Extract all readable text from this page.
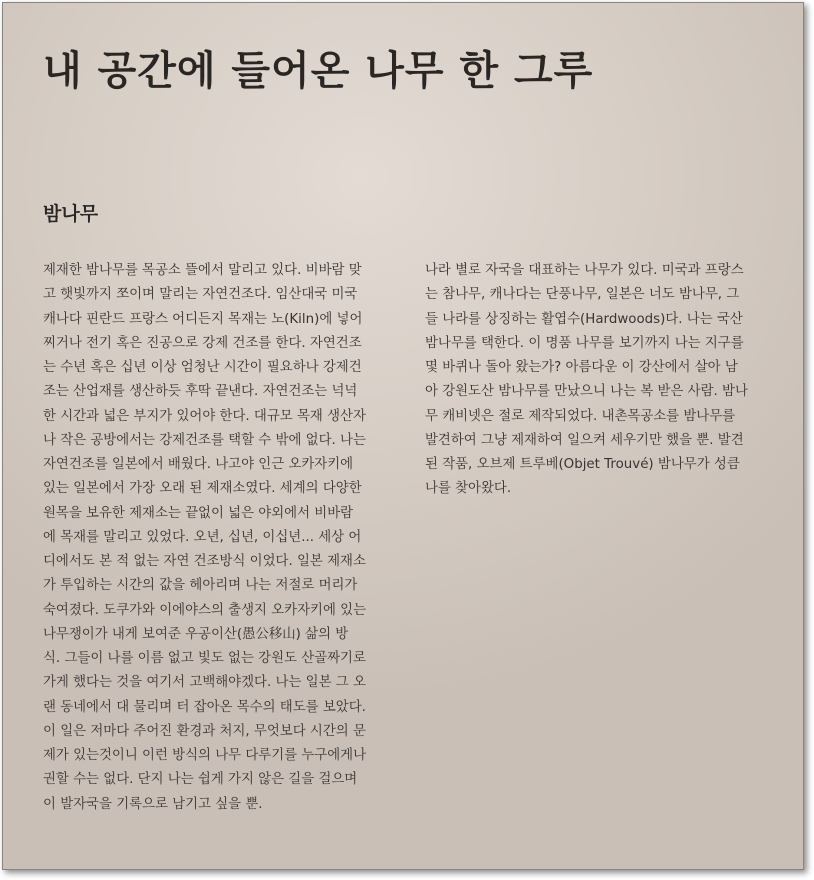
내 공간에 들어온 나무 한 그루
밤나무
제재한 밤나무를 목공소 뜰에서 말리고 있다. 비바람 맞
고 햇빛까지 쪼이며 말리는 자연건조다. 임산대국 미국
캐나다 핀란드 프랑스 어디든지 목재는 노(Kiln)에 넣어
찌거나 전기 혹은 진공으로 강제 건조를 한다. 자연건조
는 수년 혹은 십년 이상 엄청난 시간이 필요하나 강제건
조는 산업재를 생산하듯 후딱 끝낸다. 자연건조는 넉넉
한 시간과 넓은 부지가 있어야 한다. 대규모 목재 생산자
나 작은 공방에서는 강제건조를 택할 수 밖에 없다. 나는
자연건조를 일본에서 배웠다. 나고야 인근 오카자키에
있는 일본에서 가장 오래 된 제재소였다. 세계의 다양한
원목을 보유한 제재소는 끝없이 넓은 야외에서 비바람
에 목재를 말리고 있었다. 오년, 십년, 이십년... 세상 어
디에서도 본 적 없는 자연 건조방식 이었다. 일본 제재소
가 투입하는 시간의 값을 헤아리며 나는 저절로 머리가
숙여졌다. 도쿠가와 이에야스의 출생지 오카자키에 있는
나무쟁이가 내게 보여준 우공이산(愚公移山) 삶의 방
식. 그들이 나를 이름 없고 빛도 없는 강원도 산골짜기로
가게 했다는 것을 여기서 고백해야겠다. 나는 일본 그 오
랜 동네에서 대 물리며 터 잡아온 목수의 태도를 보았다.
이 일은 저마다 주어진 환경과 처지, 무엇보다 시간의 문
제가 있는것이니 이런 방식의 나무 다루기를 누구에게나
권할 수는 없다. 단지 나는 쉽게 가지 않은 길을 걸으며
이 발자국을 기록으로 남기고 싶을 뿐.
나라 별로 자국을 대표하는 나무가 있다. 미국과 프랑스
는 참나무, 캐나다는 단풍나무, 일본은 너도 밤나무, 그
들 나라를 상징하는 활엽수(Hardwoods)다. 나는 국산
밤나무를 택한다. 이 명품 나무를 보기까지 나는 지구를
몇 바퀴나 돌아 왔는가? 아름다운 이 강산에서 살아 남
아 강원도산 밤나무를 만났으니 나는 복 받은 사람. 밤나
무 캐비넷은 절로 제작되었다. 내촌목공소를 밤나무를
발견하여 그냥 제재하여 일으켜 세우기만 했을 뿐. 발견
된 작품, 오브제 트루베(Objet Trouvé) 밤나무가 성큼
나를 찾아왔다.
